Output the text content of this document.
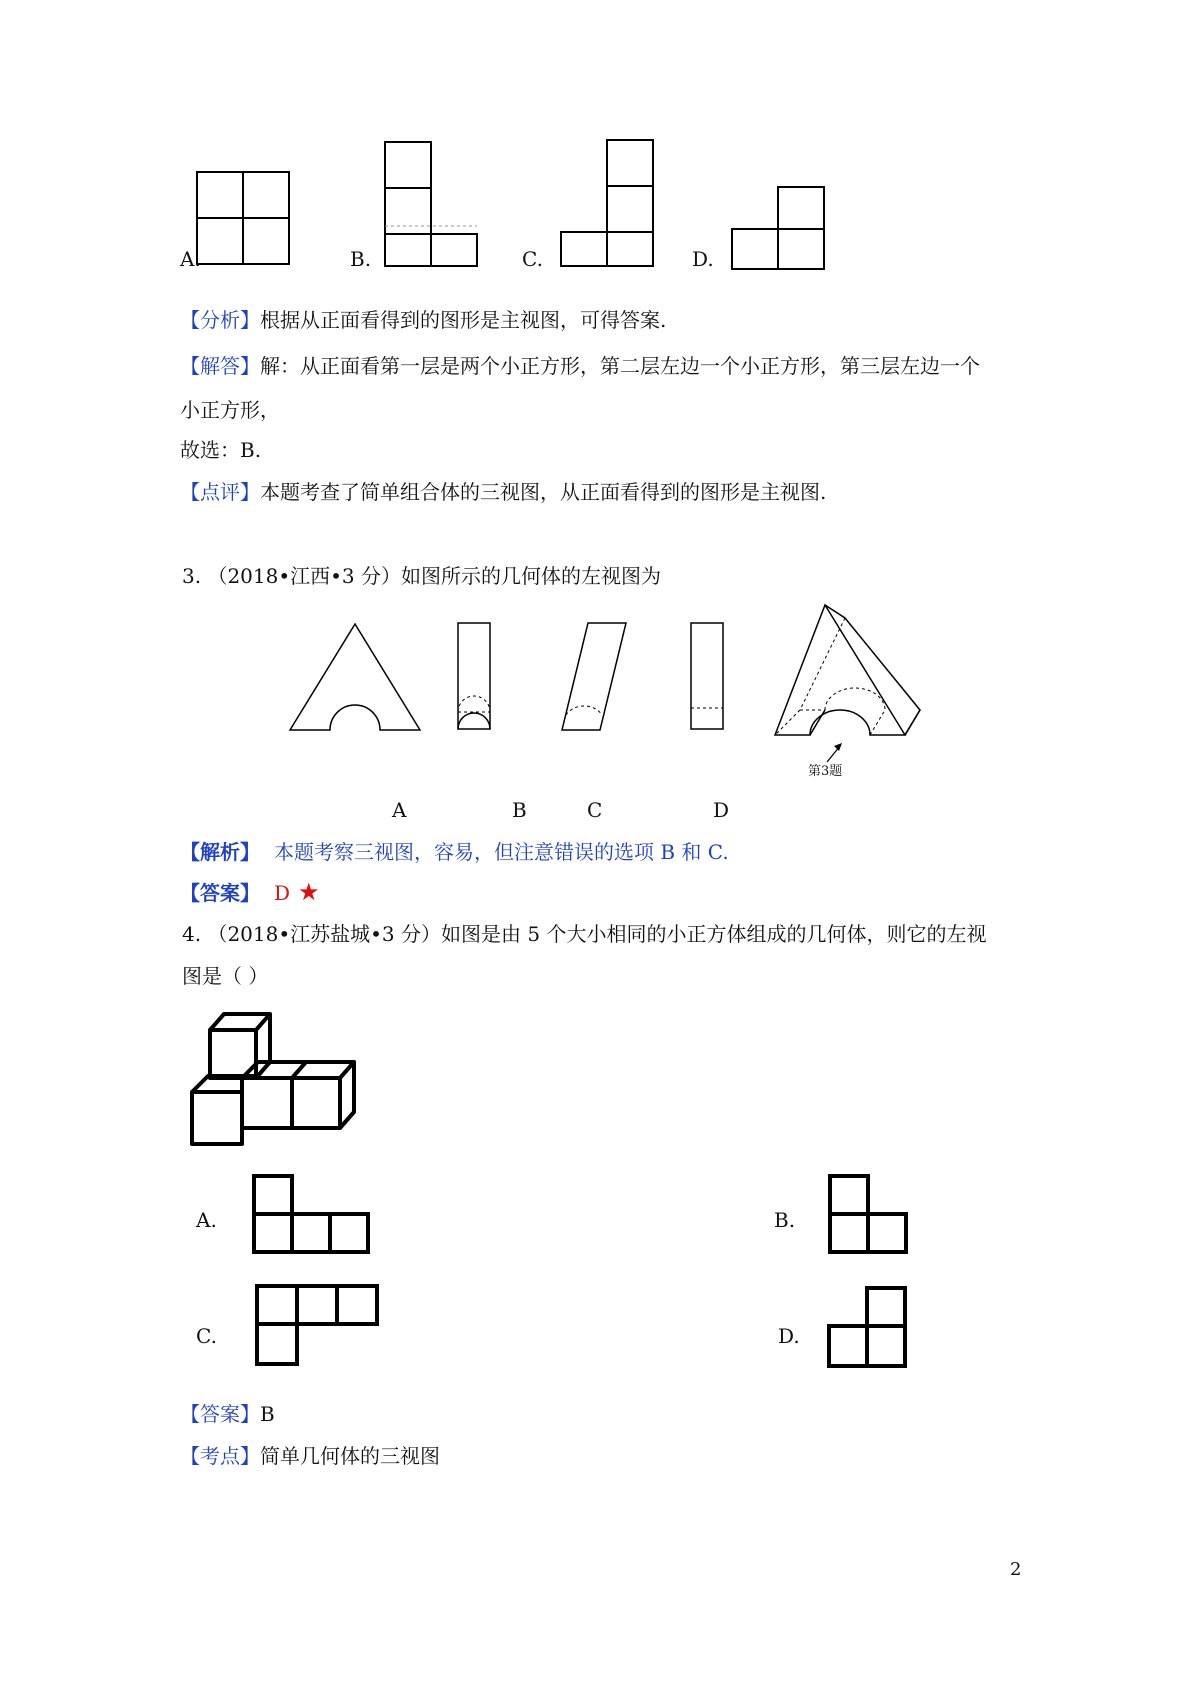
A.	B.	C.	D.
【分析】根据从正面看得到的图形是主视图，可得答案.
【解答】解：从正面看第一层是两个小正方形，第二层左边一个小正方形，第三层左边一个
小正方形，
故选：B.
【点评】本题考查了简单组合体的三视图，从正面看得到的图形是主视图.
3. （2018•江西•3 分）如图所示的几何体的左视图为
第3题
A	B	C	D
【解析】 本题考察三视图，容易，但注意错误的选项 B 和 C.
【答案】 D ★
4. （2018•江苏盐城•3 分）如图是由 5 个大小相同的小正方体组成的几何体，则它的左视
图是（ ）
A.	B.
C.	D.
【答案】B
【考点】简单几何体的三视图
2
